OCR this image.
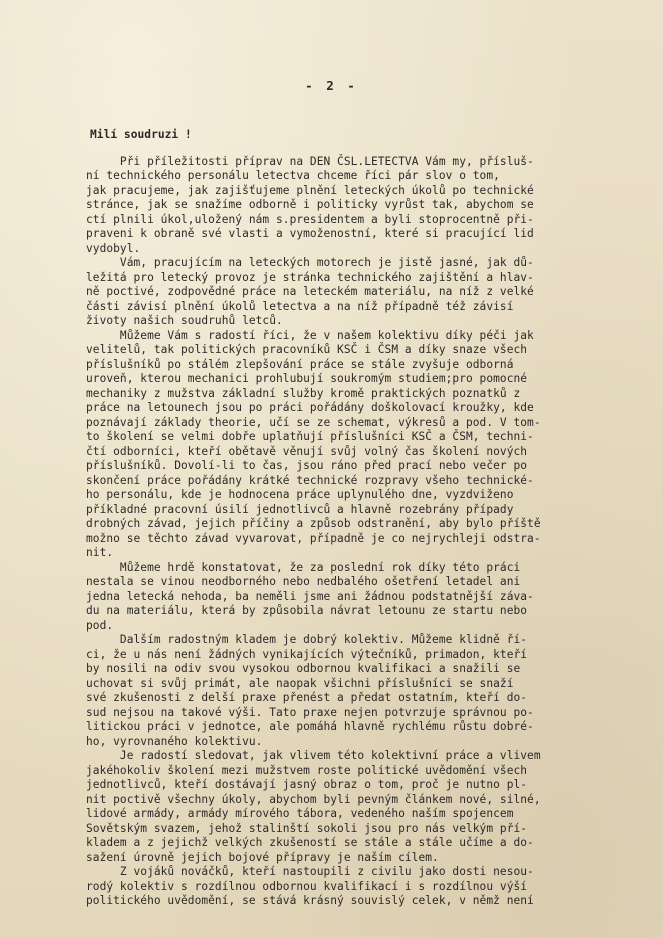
- 2 -
Milí soudruzi !
Při příležitosti příprav na DEN ČSL.LETECTVA Vám my, přísluš-
ní technického personálu letectva chceme říci pár slov o tom,
jak pracujeme, jak zajišťujeme plnění leteckých úkolů po technické
stránce, jak se snažíme odborně i politicky vyrůst tak, abychom se
ctí plnili úkol,uložený nám s.presidentem a byli stoprocentně při-
praveni k obraně své vlasti a vymoženostní, které si pracující lid
vydobyl.
Vám, pracujícím na leteckých motorech je jistě jasné, jak dů-
ležitá pro letecký provoz je stránka technického zajištění a hlav-
ně poctivé, zodpovědné práce na leteckém materiálu, na níž z velké
části závisí plnění úkolů letectva a na níž případně též závisí
životy našich soudruhů letců.
Můžeme Vám s radostí říci, že v našem kolektivu díky péči jak
velitelů, tak politických pracovníků KSČ i ČSM a díky snaze všech
příslušníků po stálém zlepšování práce se stále zvyšuje odborná
uroveň, kterou mechanici prohlubují soukromým studiem;pro pomocné
mechaniky z mužstva základní služby kromě praktických poznatků z
práce na letounech jsou po práci pořádány doškolovací kroužky, kde
poznávají základy theorie, učí se ze schemat, výkresů a pod. V tom-
to školení se velmi dobře uplatňují příslušníci KSČ a ČSM, techni-
čtí odborníci, kteří obětavě věnují svůj volný čas školení nových
příslušníků. Dovolí-li to čas, jsou ráno před prací nebo večer po
skončení práce pořádány krátké technické rozpravy všeho technické-
ho personálu, kde je hodnocena práce uplynulého dne, vyzdviženo
příkladné pracovní úsilí jednotlivců a hlavně rozebrány případy
drobných závad, jejich příčiny a způsob odstranění, aby bylo příště
možno se těchto závad vyvarovat, případně je co nejrychleji odstra-
nit.
Můžeme hrdě konstatovat, že za poslední rok díky této práci
nestala se vinou neodborného nebo nedbalého ošetření letadel ani
jedna letecká nehoda, ba neměli jsme ani žádnou podstatnější záva-
du na materiálu, která by způsobila návrat letounu ze startu nebo
pod.
Dalším radostným kladem je dobrý kolektiv. Můžeme klidně ří-
ci, že u nás není žádných vynikajících výtečníků, primadon, kteří
by nosili na odiv svou vysokou odbornou kvalifikaci a snažili se
uchovat si svůj primát, ale naopak všichni příslušníci se snaží
své zkušenosti z delší praxe přenést a předat ostatním, kteří do-
sud nejsou na takové výši. Tato praxe nejen potvrzuje správnou po-
litickou práci v jednotce, ale pomáhá hlavně rychlému růstu dobré-
ho, vyrovnaného kolektivu.
Je radostí sledovat, jak vlivem této kolektivní práce a vlivem
jakéhokoliv školení mezi mužstvem roste politické uvědomění všech
jednotlivců, kteří dostávají jasný obraz o tom, proč je nutno pl-
nit poctivě všechny úkoly, abychom byli pevným článkem nové, silné,
lidové armády, armády mírového tábora, vedeného naším spojencem
Sovětským svazem, jehož stalinští sokoli jsou pro nás velkým pří-
kladem a z jejichž velkých zkušeností se stále a stále učíme a do-
sažení úrovně jejich bojové přípravy je naším cílem.
Z vojáků nováčků, kteří nastoupili z civilu jako dosti nesou-
rodý kolektiv s rozdílnou odbornou kvalifikací i s rozdílnou výší
politického uvědomění, se stává krásný souvislý celek, v němž není
